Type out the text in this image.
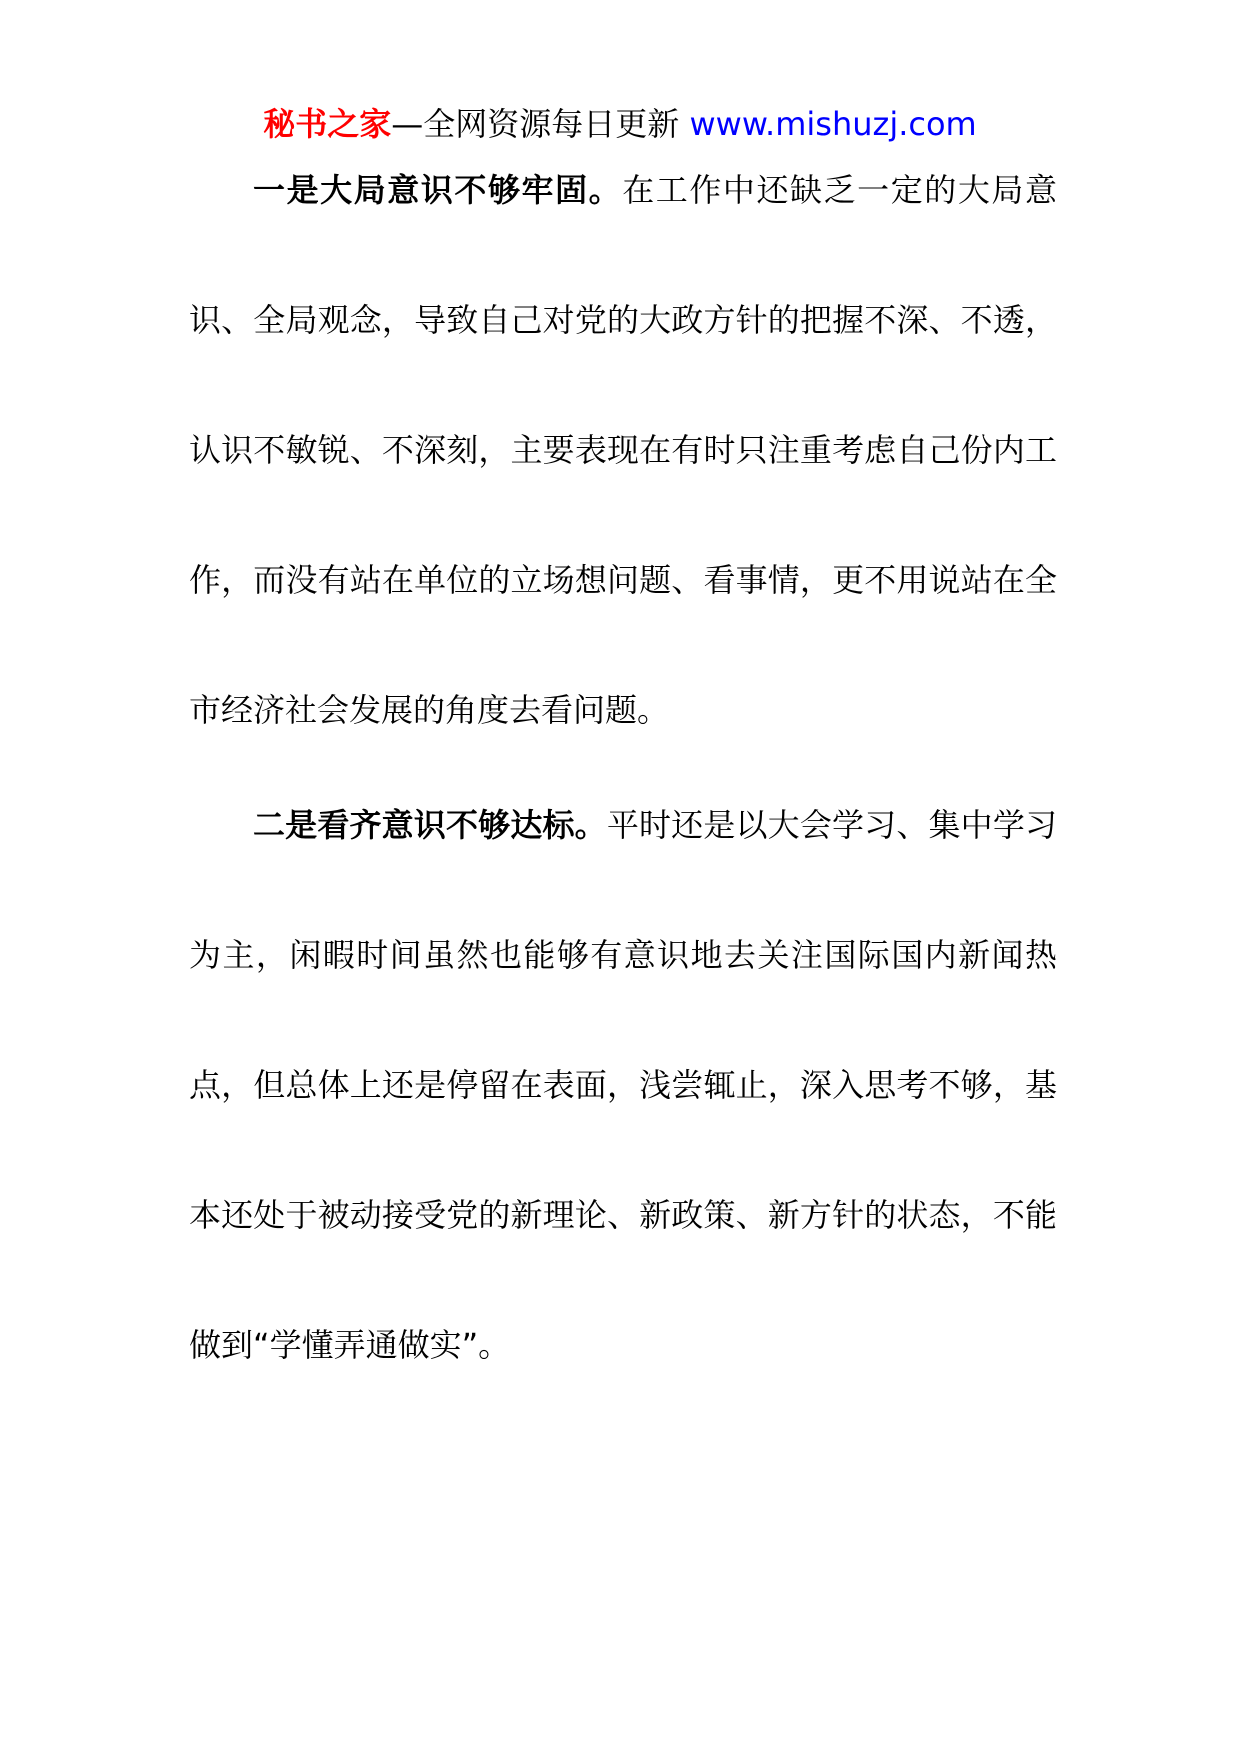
秘书之家—全网资源每日更新 www.mishuzj.com

一是大局意识不够牢固。在工作中还缺乏一定的大局意识、全局观念，导致自己对党的大政方针的把握不深、不透，认识不敏锐、不深刻，主要表现在有时只注重考虑自己份内工作，而没有站在单位的立场想问题、看事情，更不用说站在全市经济社会发展的角度去看问题。

二是看齐意识不够达标。平时还是以大会学习、集中学习为主，闲暇时间虽然也能够有意识地去关注国际国内新闻热点，但总体上还是停留在表面，浅尝辄止，深入思考不够，基本还处于被动接受党的新理论、新政策、新方针的状态，不能做到“学懂弄通做实”。
